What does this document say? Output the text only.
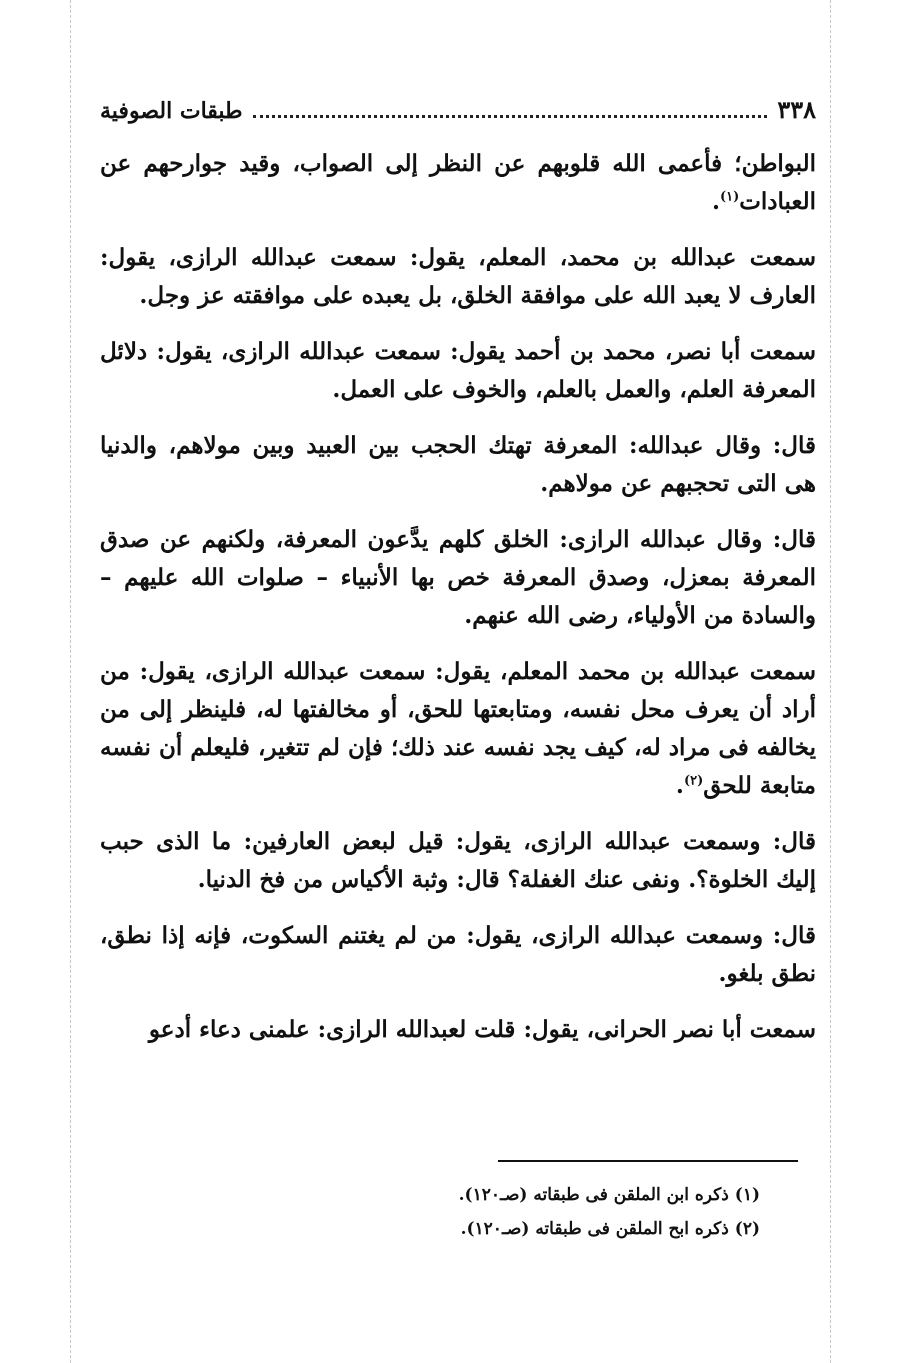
٣٣٨
طبقات الصوفية

البواطن؛ فأعمى الله قلوبهم عن النظر إلى الصواب، وقيد جوارحهم عن العبادات$^{(١)}$.

سمعت عبدالله بن محمد، المعلم، يقول: سمعت عبدالله الرازى، يقول: العارف لا يعبد الله على موافقة الخلق، بل يعبده على موافقته عز وجل.

سمعت أبا نصر، محمد بن أحمد يقول: سمعت عبدالله الرازى، يقول: دلائل المعرفة العلم، والعمل بالعلم، والخوف على العمل.

قال: وقال عبدالله: المعرفة تهتك الحجب بين العبيد وبين مولاهم، والدنيا هى التى تحجبهم عن مولاهم.

قال: وقال عبدالله الرازى: الخلق كلهم يدَّعون المعرفة، ولكنهم عن صدق المعرفة بمعزل، وصدق المعرفة خص بها الأنبياء – صلوات الله عليهم – والسادة من الأولياء، رضى الله عنهم.

سمعت عبدالله بن محمد المعلم، يقول: سمعت عبدالله الرازى، يقول: من أراد أن يعرف محل نفسه، ومتابعتها للحق، أو مخالفتها له، فلينظر إلى من يخالفه فى مراد له، كيف يجد نفسه عند ذلك؛ فإن لم تتغير، فليعلم أن نفسه متابعة للحق$^{(٢)}$.

قال: وسمعت عبدالله الرازى، يقول: قيل لبعض العارفين: ما الذى حبب إليك الخلوة؟. ونفى عنك الغفلة؟ قال: وثبة الأكياس من فخ الدنيا.

قال: وسمعت عبدالله الرازى، يقول: من لم يغتنم السكوت، فإنه إذا نطق، نطق بلغو.

سمعت أبا نصر الحرانى، يقول: قلت لعبدالله الرازى: علمنى دعاء أدعو

(١) ذكره ابن الملقن فى طبقاته (صـ١٢٠).
(٢) ذكره ابح الملقن فى طبقاته (صـ١٢٠).
